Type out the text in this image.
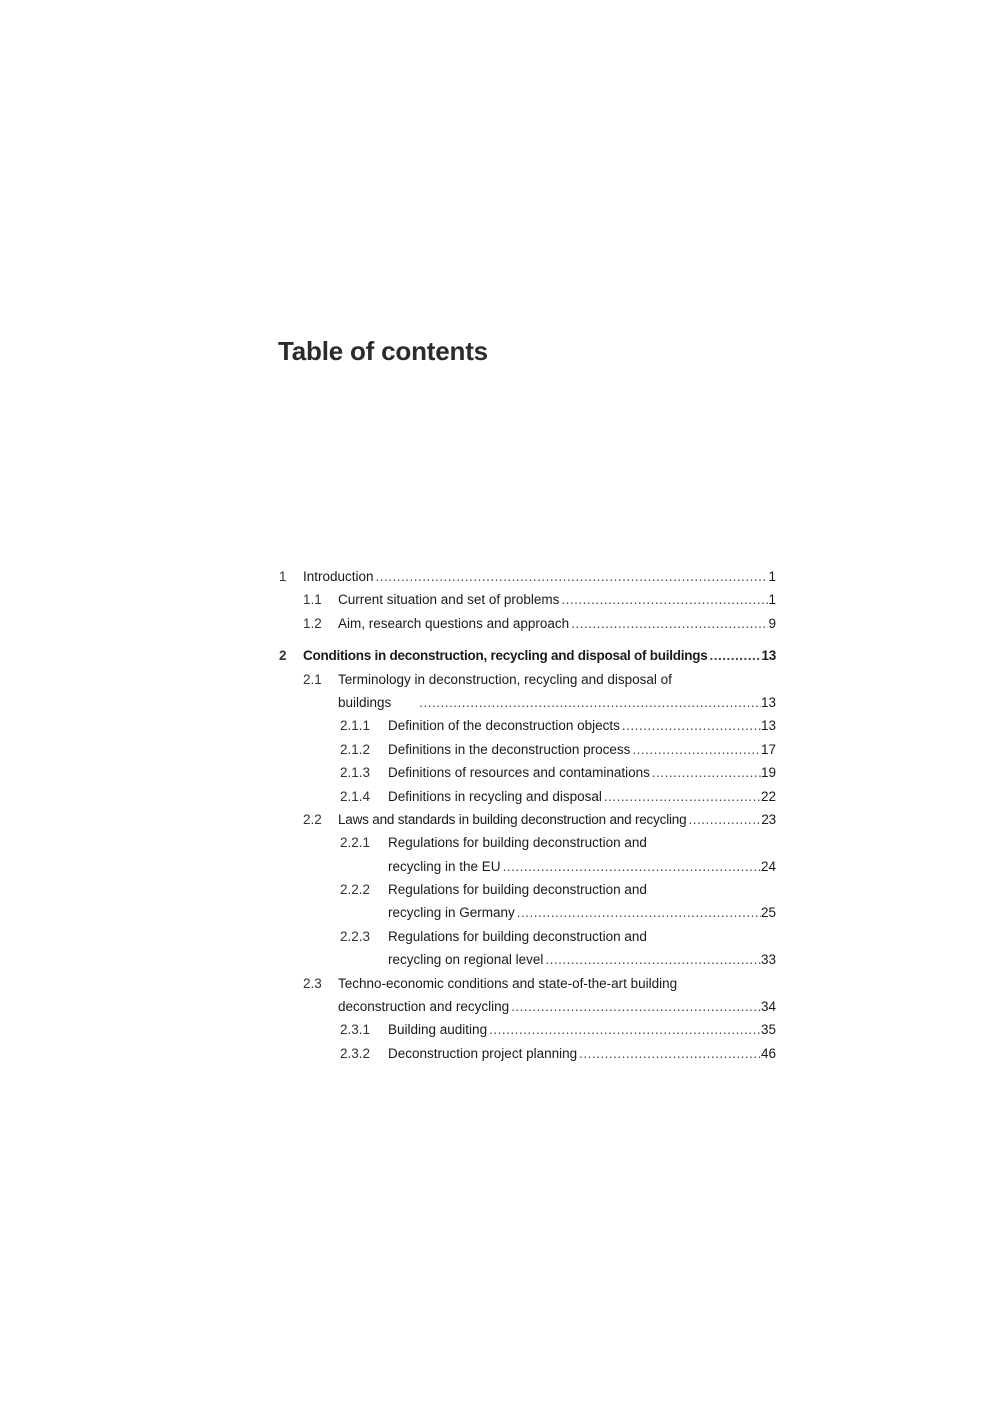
Table of contents
1 Introduction .....	1
1.1 Current situation and set of problems .....	1
1.2 Aim, research questions and approach .....	9
2 Conditions in deconstruction, recycling and disposal of buildings .....	13
2.1 Terminology in deconstruction, recycling and disposal of
buildings .....	13
2.1.1 Definition of the deconstruction objects .....	13
2.1.2 Definitions in the deconstruction process .....	17
2.1.3 Definitions of resources and contaminations .....	19
2.1.4 Definitions in recycling and disposal .....	22
2.2 Laws and standards in building deconstruction and recycling .....	23
2.2.1 Regulations for building deconstruction and
recycling in the EU .....	24
2.2.2 Regulations for building deconstruction and
recycling in Germany .....	25
2.2.3 Regulations for building deconstruction and
recycling on regional level .....	33
2.3 Techno-economic conditions and state-of-the-art building
deconstruction and recycling .....	34
2.3.1 Building auditing .....	35
2.3.2 Deconstruction project planning .....	46
